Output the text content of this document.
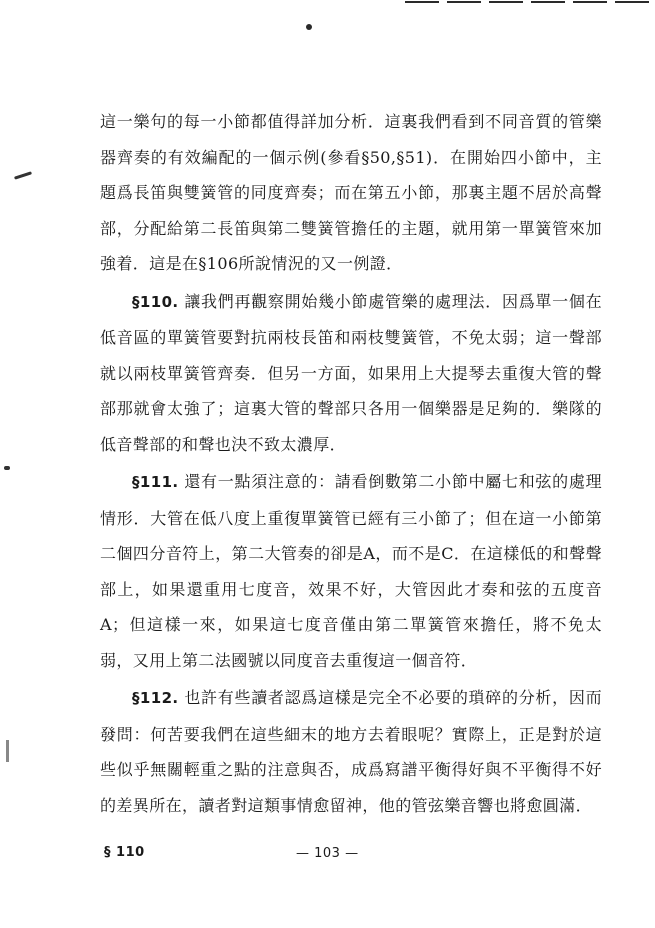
這一樂句的每一小節都值得詳加分析．這裏我們看到不同音質的管樂器齊奏的有效編配的一個示例(參看§50,§51)．在開始四小節中，主題爲長笛與雙簧管的同度齊奏；而在第五小節，那裏主題不居於高聲部，分配給第二長笛與第二雙簧管擔任的主題，就用第一單簧管來加強着．這是在§106所說情況的又一例證．

§110. 讓我們再觀察開始幾小節處管樂的處理法．因爲單一個在低音區的單簧管要對抗兩枝長笛和兩枝雙簧管，不免太弱；這一聲部就以兩枝單簧管齊奏．但另一方面，如果用上大提琴去重復大管的聲部那就會太強了；這裏大管的聲部只各用一個樂器是足夠的．樂隊的低音聲部的和聲也決不致太濃厚．

§111. 還有一點須注意的：請看倒數第二小節中屬七和弦的處理情形．大管在低八度上重復單簧管已經有三小節了；但在這一小節第二個四分音符上，第二大管奏的卻是A，而不是C．在這樣低的和聲聲部上，如果還重用七度音，效果不好，大管因此才奏和弦的五度音A；但這樣一來，如果這七度音僅由第二單簧管來擔任，將不免太弱，又用上第二法國號以同度音去重復這一個音符．

§112. 也許有些讀者認爲這樣是完全不必要的瑣碎的分析，因而發問：何苦要我們在這些細末的地方去着眼呢？實際上，正是對於這些似乎無關輕重之點的注意與否，成爲寫譜平衡得好與不平衡得不好的差異所在，讀者對這類事情愈留神，他的管弦樂音響也將愈圓滿．

§ 110	— 103 —
